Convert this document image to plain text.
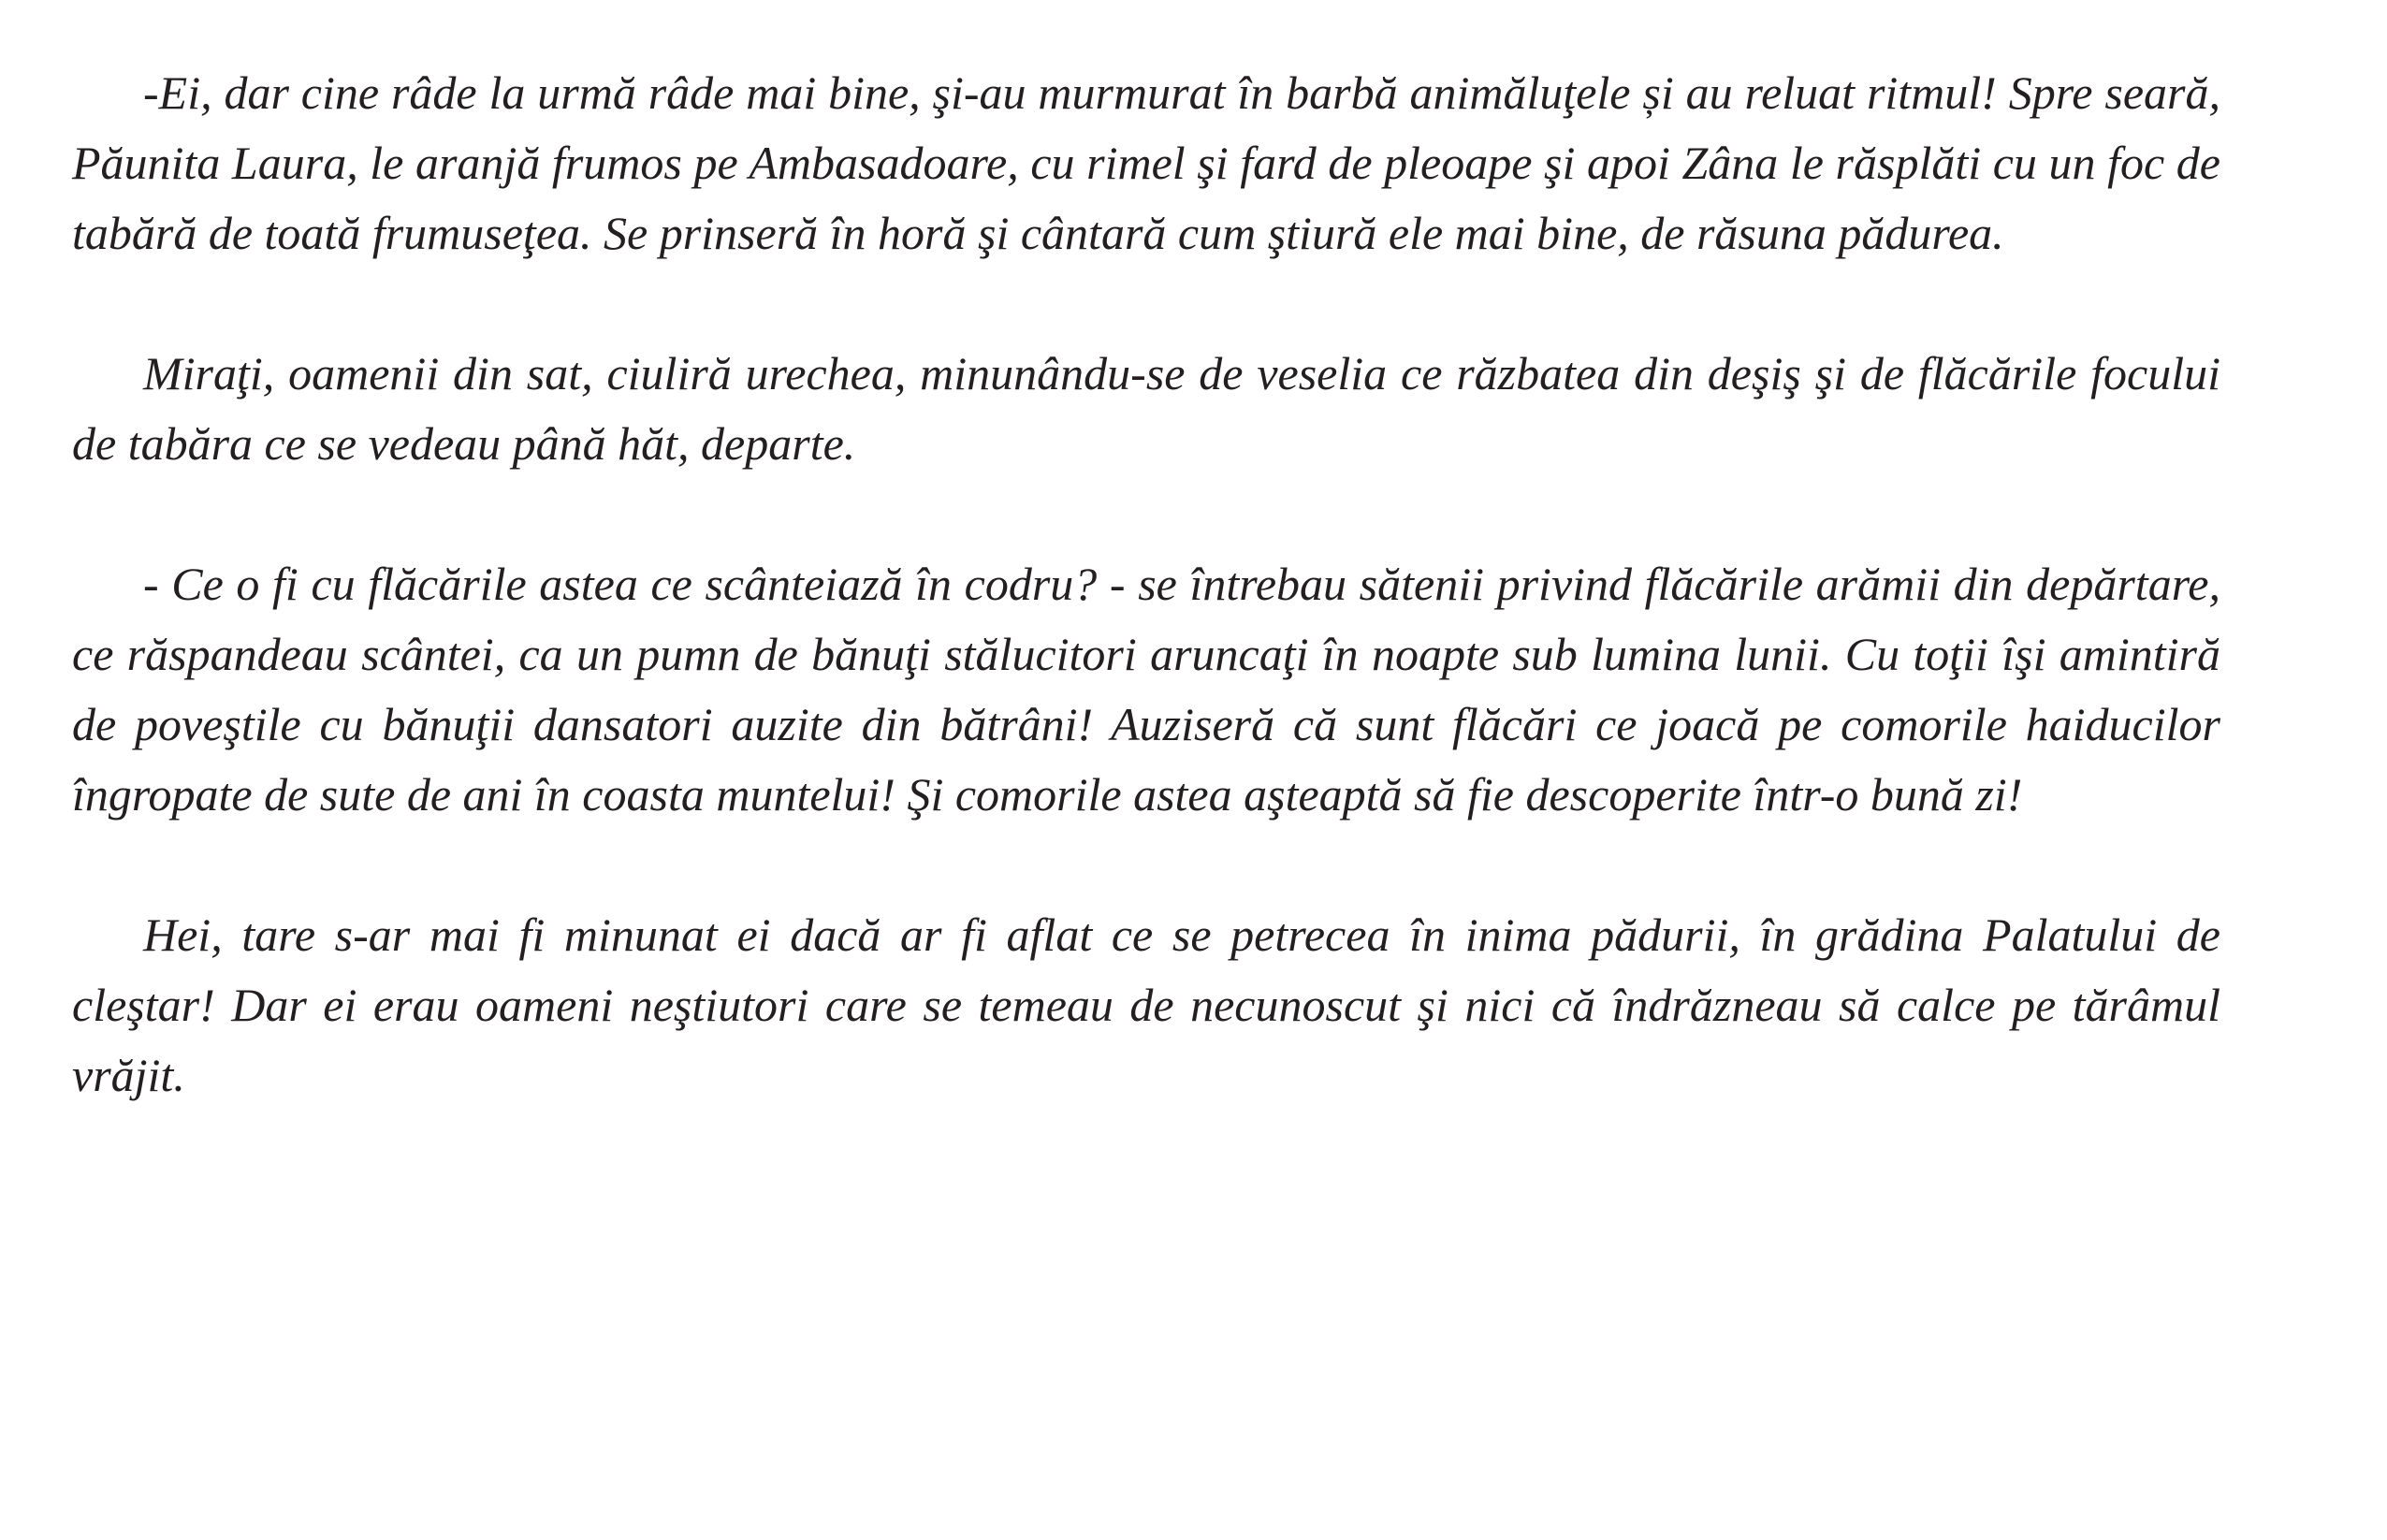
-Ei, dar cine râde la urmă râde mai bine, şi-au murmurat în barbă animăluţele și au reluat ritmul! Spre seară, Păunita Laura, le aranjă frumos pe Ambasadoare, cu rimel şi fard de pleoape şi apoi Zâna le răsplăti cu un foc de tabără de toată frumuseţea. Se prinseră în horă şi cântară cum ştiură ele mai bine, de răsuna pădurea.

Miraţi, oamenii din sat, ciuliră urechea, minunându-se de veselia ce răzbatea din deşiş şi de flăcările focului de tabăra ce se vedeau până hăt, departe.

- Ce o fi cu flăcările astea ce scânteiază în codru? - se întrebau sătenii privind flăcările arămii din depărtare, ce răspandeau scântei, ca un pumn de bănuţi stălucitori aruncaţi în noapte sub lumina lunii. Cu toţii îşi amintiră de poveştile cu bănuţii dansatori auzite din bătrâni! Auziseră că sunt flăcări ce joacă pe comorile haiducilor îngropate de sute de ani în coasta muntelui! Şi comorile astea aşteaptă să fie descoperite într-o bună zi!

Hei, tare s-ar mai fi minunat ei dacă ar fi aflat ce se petrecea în inima pădurii, în grădina Palatului de cleştar! Dar ei erau oameni neştiutori care se temeau de necunoscut şi nici că îndrăzneau să calce pe tărâmul vrăjit.
